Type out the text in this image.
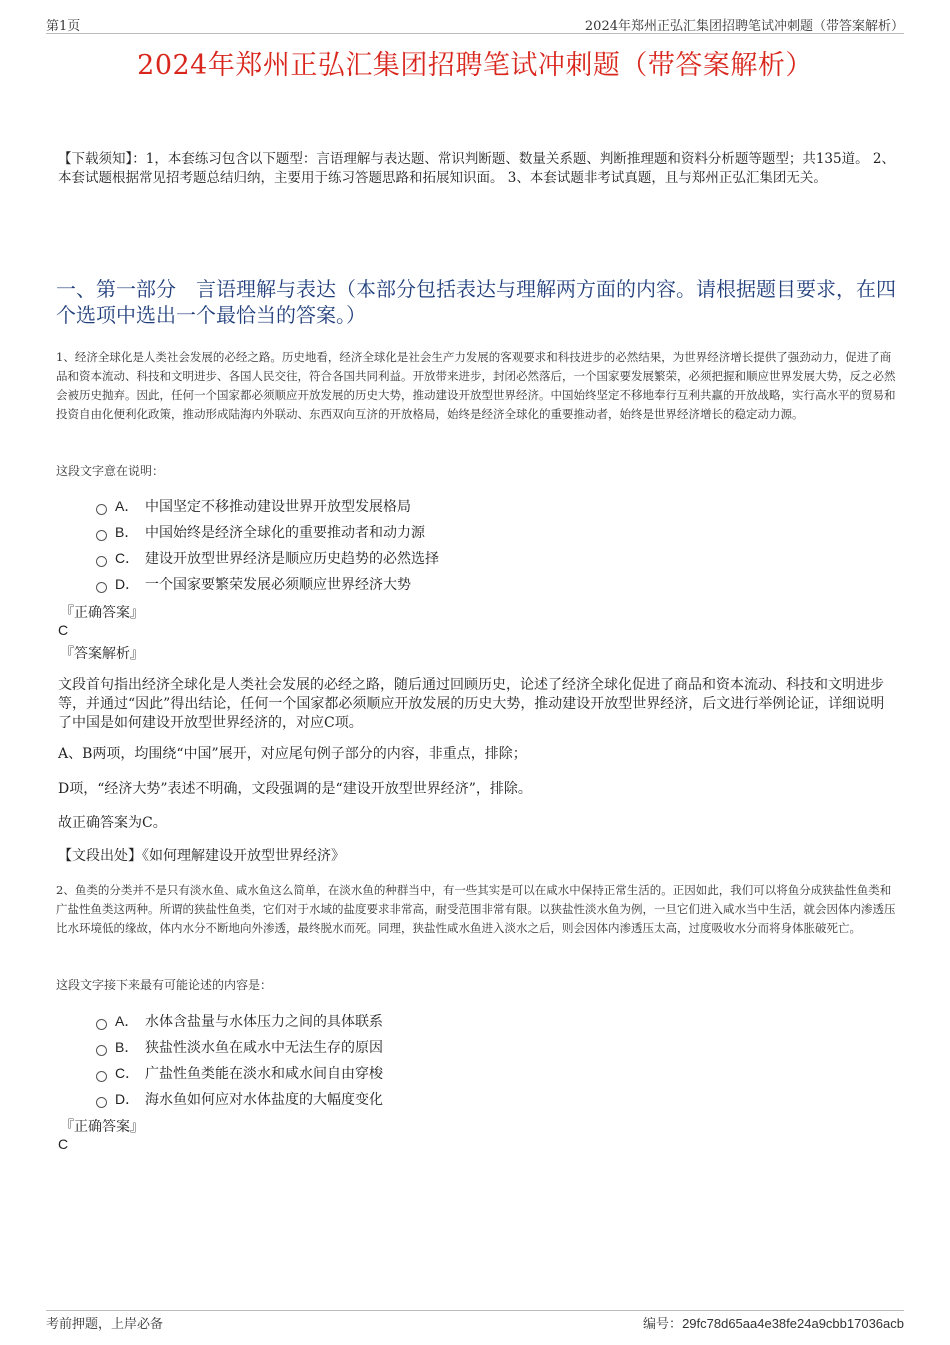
第1页	2024年郑州正弘汇集团招聘笔试冲刺题（带答案解析）
2024年郑州正弘汇集团招聘笔试冲刺题（带答案解析）
【下载须知】：1，本套练习包含以下题型：言语理解与表达题、常识判断题、数量关系题、判断推理题和资料分析题等题型；共135道。 2、本套试题根据常见招考题总结归纳，主要用于练习答题思路和拓展知识面。 3、本套试题非考试真题，且与郑州正弘汇集团无关。
一、第一部分　言语理解与表达（本部分包括表达与理解两方面的内容。请根据题目要求，在四个选项中选出一个最恰当的答案。）
1、经济全球化是人类社会发展的必经之路。历史地看，经济全球化是社会生产力发展的客观要求和科技进步的必然结果，为世界经济增长提供了强劲动力，促进了商品和资本流动、科技和文明进步、各国人民交往，符合各国共同利益。开放带来进步，封闭必然落后，一个国家要发展繁荣，必须把握和顺应世界发展大势，反之必然会被历史抛弃。因此，任何一个国家都必须顺应开放发展的历史大势，推动建设开放型世界经济。中国始终坚定不移地奉行互利共赢的开放战略，实行高水平的贸易和投资自由化便利化政策，推动形成陆海内外联动、东西双向互济的开放格局，始终是经济全球化的重要推动者，始终是世界经济增长的稳定动力源。
这段文字意在说明：
A． 中国坚定不移推动建设世界开放型发展格局
B． 中国始终是经济全球化的重要推动者和动力源
C． 建设开放型世界经济是顺应历史趋势的必然选择
D． 一个国家要繁荣发展必须顺应世界经济大势
『正确答案』
C
『答案解析』
文段首句指出经济全球化是人类社会发展的必经之路，随后通过回顾历史，论述了经济全球化促进了商品和资本流动、科技和文明进步等，并通过“因此”得出结论，任何一个国家都必须顺应开放发展的历史大势，推动建设开放型世界经济，后文进行举例论证，详细说明了中国是如何建设开放型世界经济的，对应C项。
A、B两项，均围绕“中国”展开，对应尾句例子部分的内容，非重点，排除；
D项，“经济大势”表述不明确，文段强调的是“建设开放型世界经济”，排除。
故正确答案为C。
【文段出处】《如何理解建设开放型世界经济》
2、鱼类的分类并不是只有淡水鱼、咸水鱼这么简单，在淡水鱼的种群当中，有一些其实是可以在咸水中保持正常生活的。正因如此，我们可以将鱼分成狭盐性鱼类和广盐性鱼类这两种。所谓的狭盐性鱼类，它们对于水域的盐度要求非常高，耐受范围非常有限。以狭盐性淡水鱼为例，一旦它们进入咸水当中生活，就会因体内渗透压比水环境低的缘故，体内水分不断地向外渗透，最终脱水而死。同理，狭盐性咸水鱼进入淡水之后，则会因体内渗透压太高，过度吸收水分而将身体胀破死亡。
这段文字接下来最有可能论述的内容是：
A． 水体含盐量与水体压力之间的具体联系
B． 狭盐性淡水鱼在咸水中无法生存的原因
C． 广盐性鱼类能在淡水和咸水间自由穿梭
D． 海水鱼如何应对水体盐度的大幅度变化
『正确答案』
C
考前押题，上岸必备	编号：29fc78d65aa4e38fe24a9cbb17036acb
